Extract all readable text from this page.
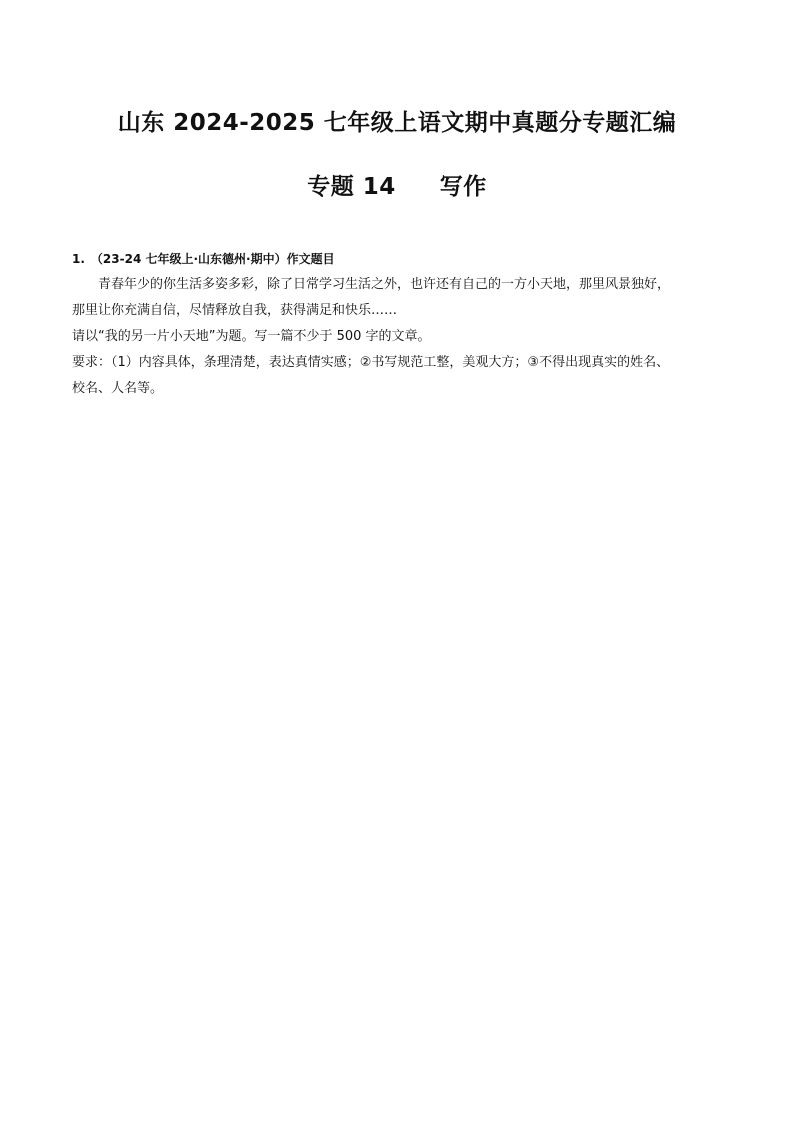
山东 2024-2025 七年级上语文期中真题分专题汇编
专题 14 写作
1. （23-24 七年级上·山东德州·期中）作文题目
青春年少的你生活多姿多彩，除了日常学习生活之外，也许还有自己的一方小天地，那里风景独好，
那里让你充满自信，尽情释放自我，获得满足和快乐……
请以“我的另一片小天地”为题。写一篇不少于 500 字的文章。
要求：（1）内容具体，条理清楚，表达真情实感；②书写规范工整，美观大方；③不得出现真实的姓名、
校名、人名等。
